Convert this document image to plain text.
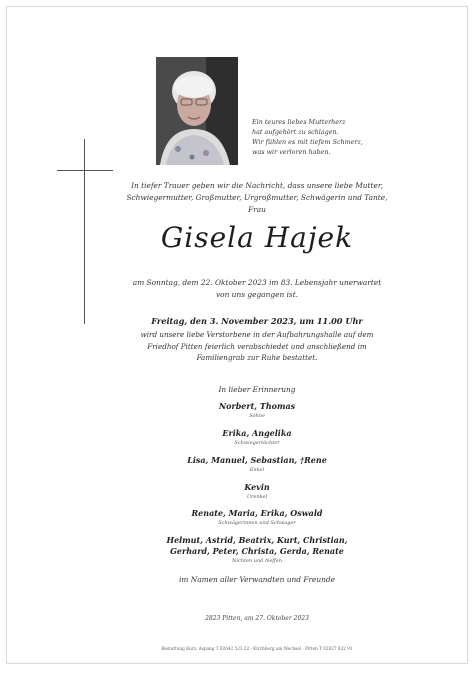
Ein teures liebes Mutterherz
hat aufgehört zu schlagen.
Wir fühlen es mit tiefem Schmerz,
was wir verloren haben.
In tiefer Trauer geben wir die Nachricht, dass unsere liebe Mutter,
Schwiegermutter, Großmutter, Urgroßmutter, Schwägerin und Tante,
Frau
Gisela Hajek
am Sonntag, dem 22. Oktober 2023 im 83. Lebensjahr unerwartet
von uns gegangen ist.
Freitag, den 3. November 2023, um 11.00 Uhr
wird unsere liebe Verstorbene in der Aufbahrungshalle auf dem
Friedhof Pitten feierlich verabschiedet und anschließend im
Familiengrab zur Ruhe bestattet.
In lieber Erinnerung
Norbert, Thomas
Söhne
Erika, Angelika
Schwiegertöchter
Lisa, Manuel, Sebastian, †Rene
Enkel
Kevin
Urenkel
Renate, Maria, Erika, Oswald
Schwägerinnen und Schwager
Helmut, Astrid, Beatrix, Kurt, Christian,
Gerhard, Peter, Christa, Gerda, Renate
Nichten und Neffen
im Namen aller Verwandten und Freunde
2823 Pitten, am 27. Oktober 2023
Bestattung Kurz, Aspang T 02642 523 22 · Kirchberg am Wechsel · Pitten T 02627 822 91
